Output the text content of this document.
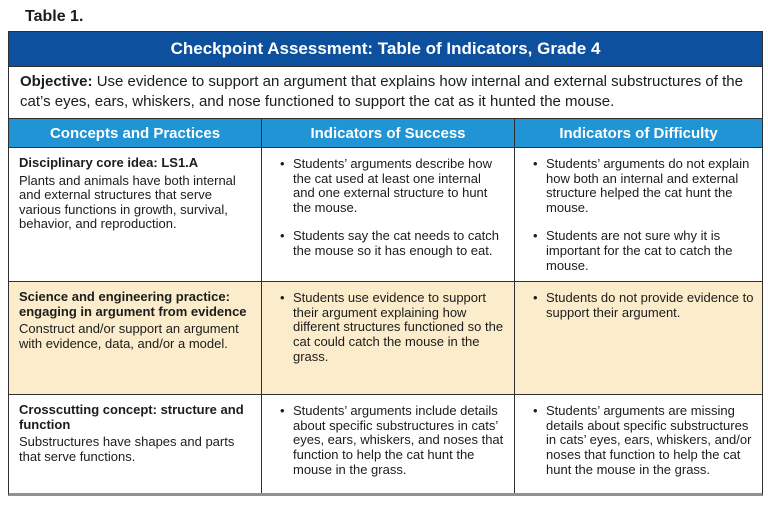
Table 1.
Checkpoint Assessment: Table of Indicators, Grade 4
Objective: Use evidence to support an argument that explains how internal and external substructures of the cat’s eyes, ears, whiskers, and nose functioned to support the cat as it hunted the mouse.
Concepts and Practices	Indicators of Success	Indicators of Difficulty
Disciplinary core idea: LS1.A

Plants and animals have both internal and external structures that serve various functions in growth, survival, behavior, and reproduction.

• Students’ arguments describe how the cat used at least one internal and one external structure to hunt the mouse.
• Students say the cat needs to catch the mouse so it has enough to eat.
• Students’ arguments do not explain how both an internal and external structure helped the cat hunt the mouse.
• Students are not sure why it is important for the cat to catch the mouse.
Science and engineering practice: engaging in argument from evidence

Construct and/or support an argument with evidence, data, and/or a model.

• Students use evidence to support their argument explaining how different structures functioned so the cat could catch the mouse in the grass.
• Students do not provide evidence to support their argument.
Crosscutting concept: structure and function

Substructures have shapes and parts that serve functions.

• Students’ arguments include details about specific substructures in cats’ eyes, ears, whiskers, and noses that function to help the cat hunt the mouse in the grass.
• Students’ arguments are missing details about specific substructures in cats’ eyes, ears, whiskers, and/or noses that function to help the cat hunt the mouse in the grass.
